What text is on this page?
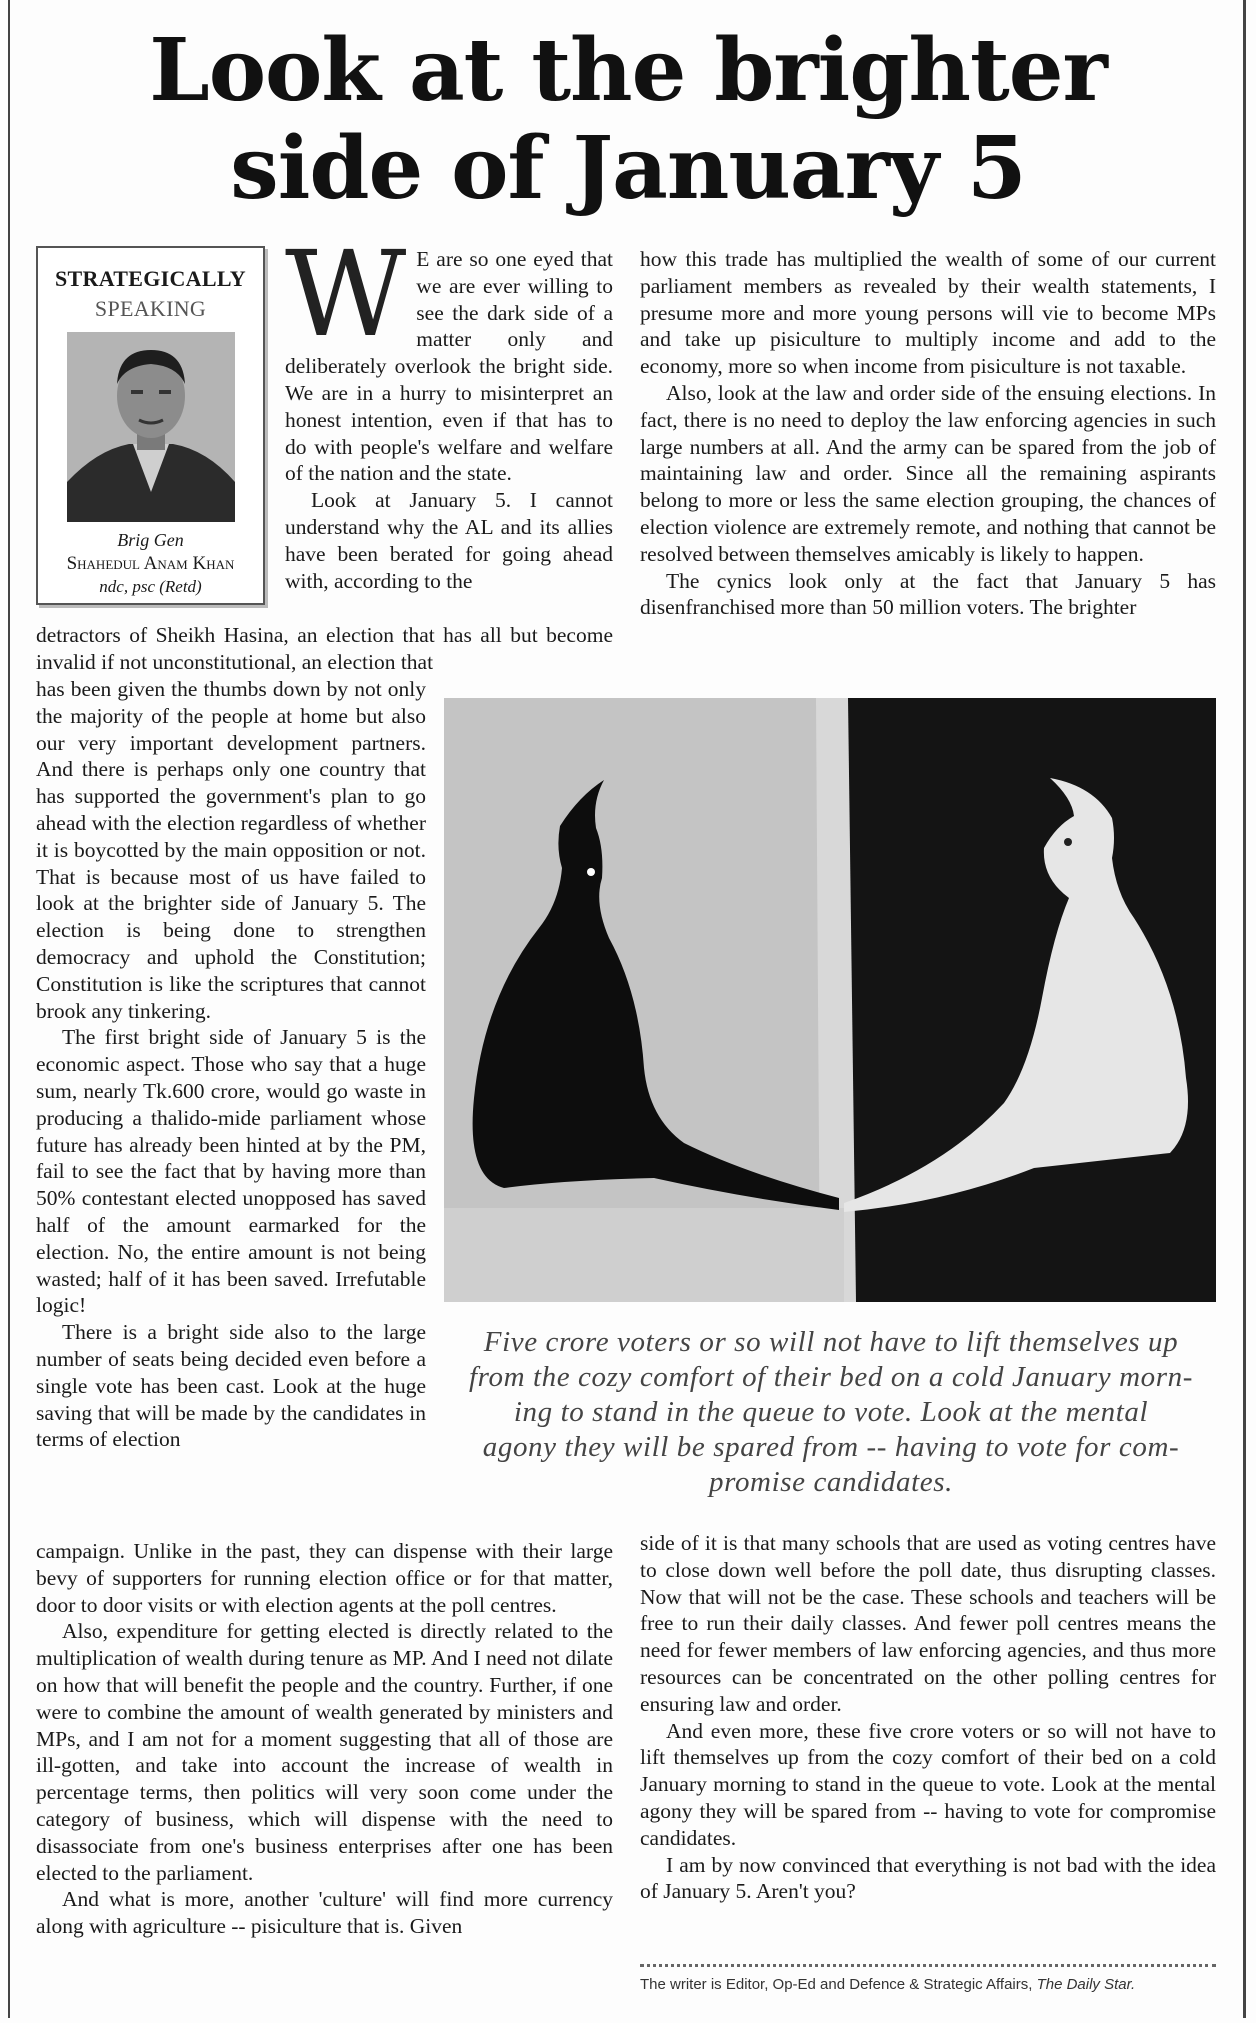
Look at the brighter
side of January 5
STRATEGICALLY
SPEAKING
Brig Gen
Shahedul Anam Khan
ndc, psc (Retd)

W E are so one eyed that we are ever willing to see the dark side of a matter only and deliberately overlook the bright side. We are in a hurry to misinterpret an honest intention, even if that has to do with people's welfare and welfare of the nation and the state.

Look at January 5. I cannot understand why the AL and its allies have been berated for going ahead with, according to the

detractors of Sheikh Hasina, an election that has all but become invalid if not unconstitutional, an election that

has been given the thumbs down by not only the majority of the people at home but also our very important development partners. And there is perhaps only one country that has supported the government's plan to go ahead with the election regardless of whether it is boycotted by the main opposition or not. That is because most of us have failed to look at the brighter side of January 5. The election is being done to strengthen democracy and uphold the Constitution; Constitution is like the scriptures that cannot brook any tinkering.

The first bright side of January 5 is the economic aspect. Those who say that a huge sum, nearly Tk.600 crore, would go waste in producing a thalido-mide parliament whose future has already been hinted at by the PM, fail to see the fact that by having more than 50% contestant elected unopposed has saved half of the amount earmarked for the election. No, the entire amount is not being wasted; half of it has been saved. Irrefutable logic!

There is a bright side also to the large number of seats being decided even before a single vote has been cast. Look at the huge saving that will be made by the candidates in terms of election

campaign. Unlike in the past, they can dispense with their large bevy of supporters for running election office or for that matter, door to door visits or with election agents at the poll centres.

Also, expenditure for getting elected is directly related to the multiplication of wealth during tenure as MP. And I need not dilate on how that will benefit the people and the country. Further, if one were to combine the amount of wealth generated by ministers and MPs, and I am not for a moment suggesting that all of those are ill-gotten, and take into account the increase of wealth in percentage terms, then politics will very soon come under the category of business, which will dispense with the need to disassociate from one's business enterprises after one has been elected to the parliament.

And what is more, another 'culture' will find more currency along with agriculture -- pisiculture that is. Given

how this trade has multiplied the wealth of some of our current parliament members as revealed by their wealth statements, I presume more and more young persons will vie to become MPs and take up pisiculture to multiply income and add to the economy, more so when income from pisiculture is not taxable.

Also, look at the law and order side of the ensuing elections. In fact, there is no need to deploy the law enforcing agencies in such large numbers at all. And the army can be spared from the job of maintaining law and order. Since all the remaining aspirants belong to more or less the same election grouping, the chances of election violence are extremely remote, and nothing that cannot be resolved between themselves amicably is likely to happen.

The cynics look only at the fact that January 5 has disenfranchised more than 50 million voters. The brighter

Five crore voters or so will not have to lift themselves up
from the cozy comfort of their bed on a cold January morn-
ing to stand in the queue to vote. Look at the mental
agony they will be spared from -- having to vote for com-
promise candidates.

side of it is that many schools that are used as voting centres have to close down well before the poll date, thus disrupting classes. Now that will not be the case. These schools and teachers will be free to run their daily classes. And fewer poll centres means the need for fewer members of law enforcing agencies, and thus more resources can be concentrated on the other polling centres for ensuring law and order.

And even more, these five crore voters or so will not have to lift themselves up from the cozy comfort of their bed on a cold January morning to stand in the queue to vote. Look at the mental agony they will be spared from -- having to vote for compromise candidates.

I am by now convinced that everything is not bad with the idea of January 5. Aren't you?

The writer is Editor, Op-Ed and Defence & Strategic Affairs, The Daily Star.
